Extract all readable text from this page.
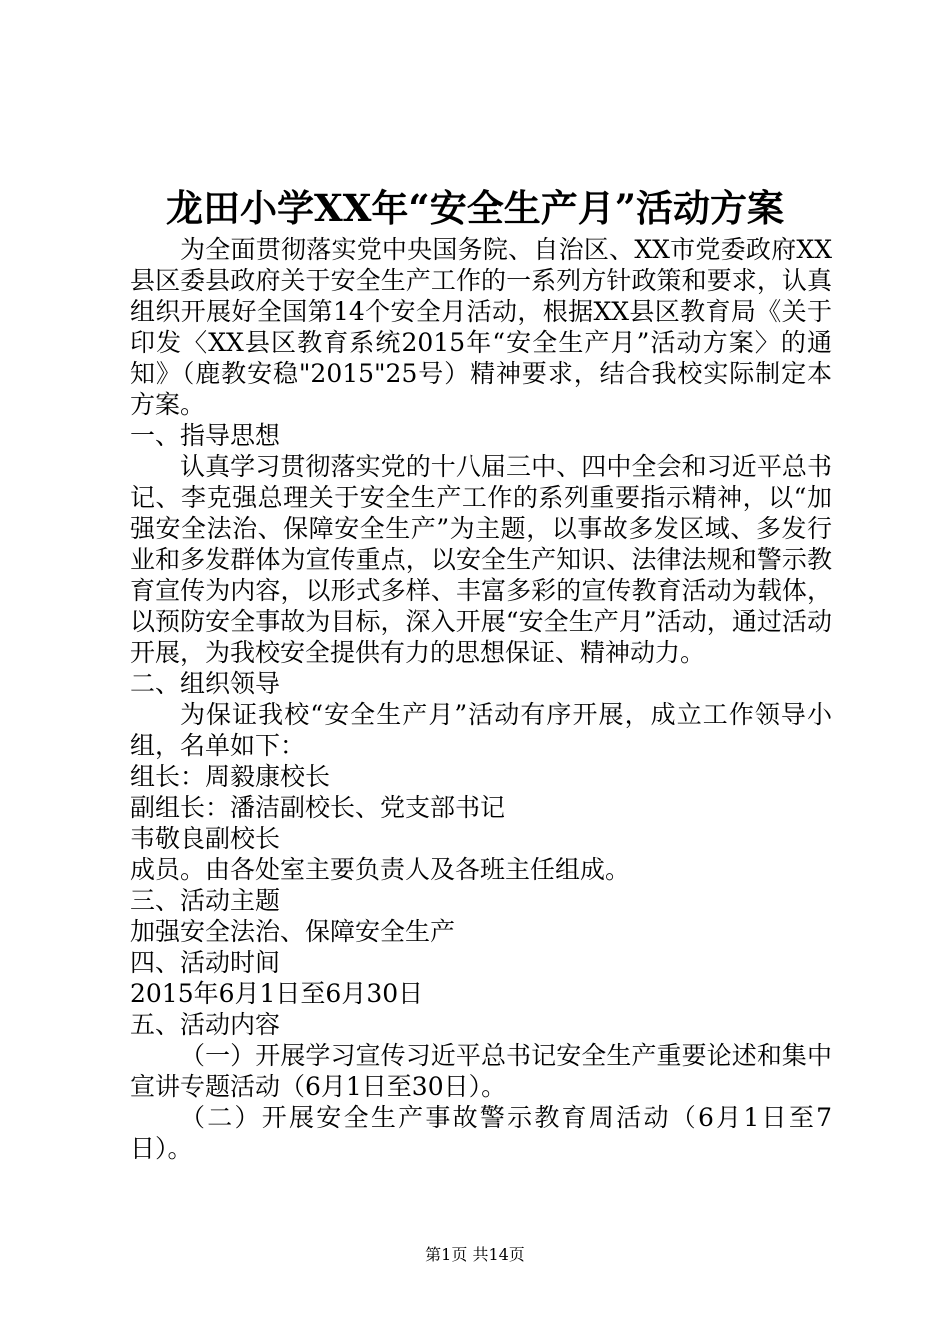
龙田小学XX年“安全生产月”活动方案

为全面贯彻落实党中央国务院、自治区、XX市党委政府XX县区委县政府关于安全生产工作的一系列方针政策和要求，认真组织开展好全国第14个安全月活动，根据XX县区教育局《关于印发〈XX县区教育系统2015年“安全生产月”活动方案〉的通知》（鹿教安稳"2015"25号）精神要求，结合我校实际制定本方案。

一、指导思想

认真学习贯彻落实党的十八届三中、四中全会和习近平总书记、李克强总理关于安全生产工作的系列重要指示精神，以“加强安全法治、保障安全生产”为主题，以事故多发区域、多发行业和多发群体为宣传重点，以安全生产知识、法律法规和警示教育宣传为内容，以形式多样、丰富多彩的宣传教育活动为载体，以预防安全事故为目标，深入开展“安全生产月”活动，通过活动开展，为我校安全提供有力的思想保证、精神动力。

二、组织领导

为保证我校“安全生产月”活动有序开展，成立工作领导小组，名单如下：

组长：周毅康校长

副组长：潘洁副校长、党支部书记

韦敬良副校长

成员。由各处室主要负责人及各班主任组成。

三、活动主题

加强安全法治、保障安全生产

四、活动时间

2015年6月1日至6月30日

五、活动内容

（一）开展学习宣传习近平总书记安全生产重要论述和集中宣讲专题活动（6月1日至30日）。

（二）开展安全生产事故警示教育周活动（6月1日至7日）。

第1页 共14页
